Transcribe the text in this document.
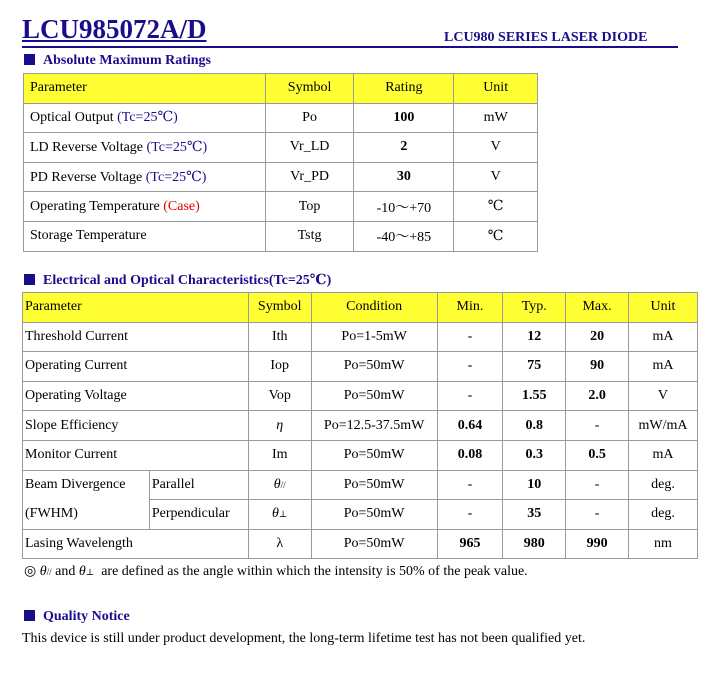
LCU985072A/D	LCU980 SERIES LASER DIODE
Absolute Maximum Ratings
Parameter	Symbol	Rating	Unit
Optical Output (Tc=25℃)	Po	100	mW
LD Reverse Voltage (Tc=25℃)	Vr_LD	2	V
PD Reverse Voltage (Tc=25℃)	Vr_PD	30	V
Operating Temperature (Case)	Top	-10～+70	℃
Storage Temperature	Tstg	-40～+85	℃
Electrical and Optical Characteristics(Tc=25℃)
Parameter		Symbol	Condition	Min.	Typ.	Max.	Unit
Threshold Current		Ith	Po=1-5mW	-	12	20	mA
Operating Current		Iop	Po=50mW	-	75	90	mA
Operating Voltage		Vop	Po=50mW	-	1.55	2.0	V
Slope Efficiency		η	Po=12.5-37.5mW	0.64	0.8	-	mW/mA
Monitor Current		Im	Po=50mW	0.08	0.3	0.5	mA
Beam Divergence	Parallel	θ//	Po=50mW	-	10	-	deg.
(FWHM)	Perpendicular	θ⊥	Po=50mW	-	35	-	deg.
Lasing Wavelength		λ	Po=50mW	965	980	990	nm
◎ θ// and θ⊥ are defined as the angle within which the intensity is 50% of the peak value.
Quality Notice
This device is still under product development, the long-term lifetime test has not been qualified yet.
